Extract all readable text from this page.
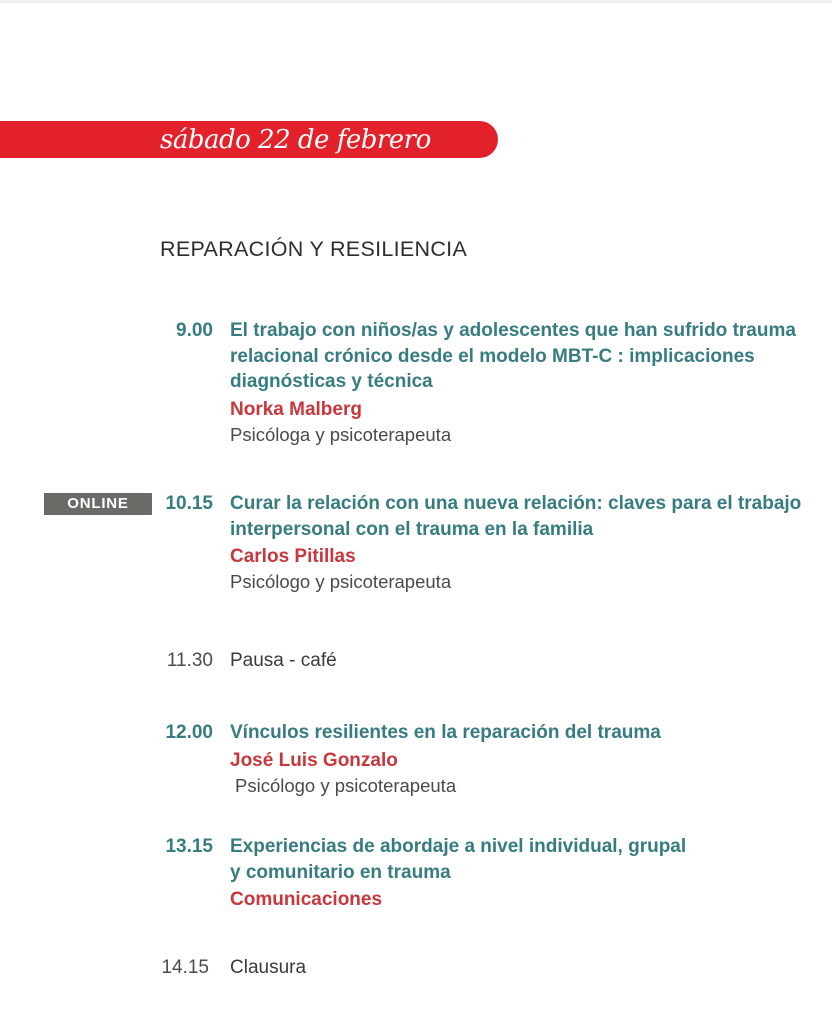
sábado 22 de febrero
REPARACIÓN Y RESILIENCIA
9.00 El trabajo con niños/as y adolescentes que han sufrido trauma relacional crónico desde el modelo MBT-C : implicaciones diagnósticas y técnica

Norka Malberg

Psicóloga y psicoterapeuta

ONLINE	10.15 Curar la relación con una nueva relación: claves para el trabajo interpersonal con el trauma en la familia

Carlos Pitillas

Psicólogo y psicoterapeuta

11.30 Pausa - café
12.00 Vínculos resilientes en la reparación del trauma

José Luis Gonzalo

Psicólogo y psicoterapeuta

13.15 Experiencias de abordaje a nivel individual, grupal

y comunitario en trauma

Comunicaciones

14.15 Clausura
